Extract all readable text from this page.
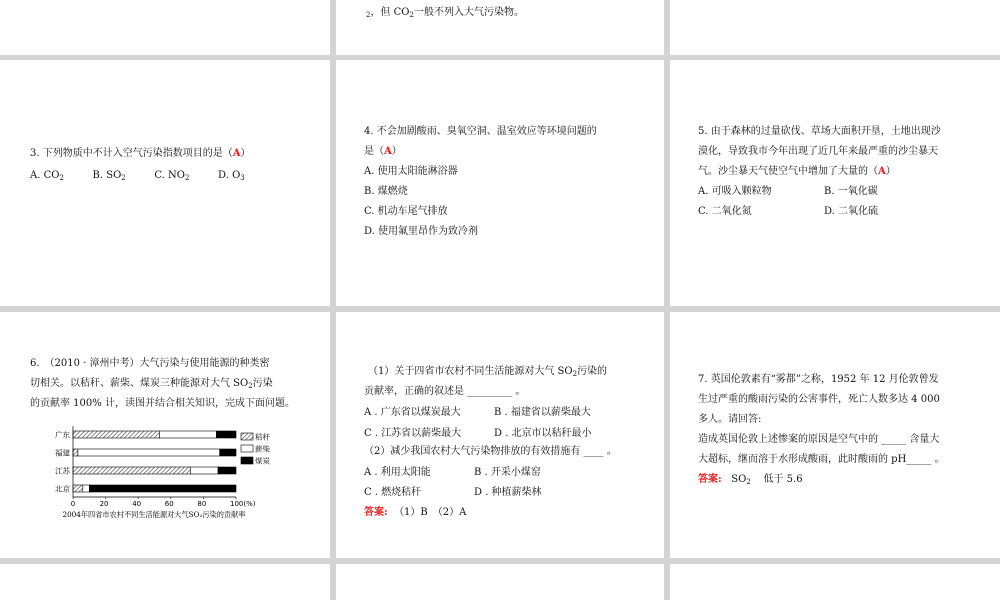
$_2$，但 $CO_2$一般不列入大气污染物。
3. 下列物质中不计入空气污染指数项目的是（A）
A. $CO_2$	B. $SO_2$	C. $NO_2$	D. $O_3$
4. 不会加剧酸雨、臭氧空洞、温室效应等环境问题的
是（A）
A. 使用太阳能淋浴器
B. 煤燃烧
C. 机动车尾气排放
D. 使用氟里昂作为致冷剂
5. 由于森林的过量砍伐、草场大面积开垦，土地出现沙
漠化，导致我市今年出现了近几年来最严重的沙尘暴天
气。沙尘暴天气使空气中增加了大量的（A）
A. 可吸入颗粒物	B. 一氧化碳
C. 二氧化氮	D. 二氧化硫
6.　（2010 · 漳州中考）大气污染与使用能源的种类密
切相关。以秸秆、薪柴、煤炭三种能源对大气 $SO_2$污染
的贡献率 100% 计，读图并结合相关知识，完成下面问题。
广东
福建
江苏
北京
0	20	40	60	80	100(%)
2004年四省市农村不同生活能源对大气SO₂污染的贡献率
秸秆
薪柴
煤炭
（1）关于四省市农村不同生活能源对大气 $SO_2$污染的
贡献率，正确的叙述是 _________ 。
A . 广东省以煤炭最大	B . 福建省以薪柴最大
C . 江苏省以薪柴最大	D . 北京市以秸秆最小
（2）减少我国农村大气污染物排放的有效措施有 ____ 。
A . 利用太阳能	B . 开采小煤窑
C . 燃烧秸秆	D . 种植薪柴林
答案: （1）B　（2）A
7. 英国伦敦素有“雾都”之称，1952 年 12 月伦敦曾发
生过严重的酸雨污染的公害事件，死亡人数多达 4 000
多人。请回答:
造成英国伦敦上述惨案的原因是空气中的 _____ 含量大
大超标，继而溶于水形成酸雨，此时酸雨的 pH_____ 。
答案: $SO_2$ 低于 5.6
